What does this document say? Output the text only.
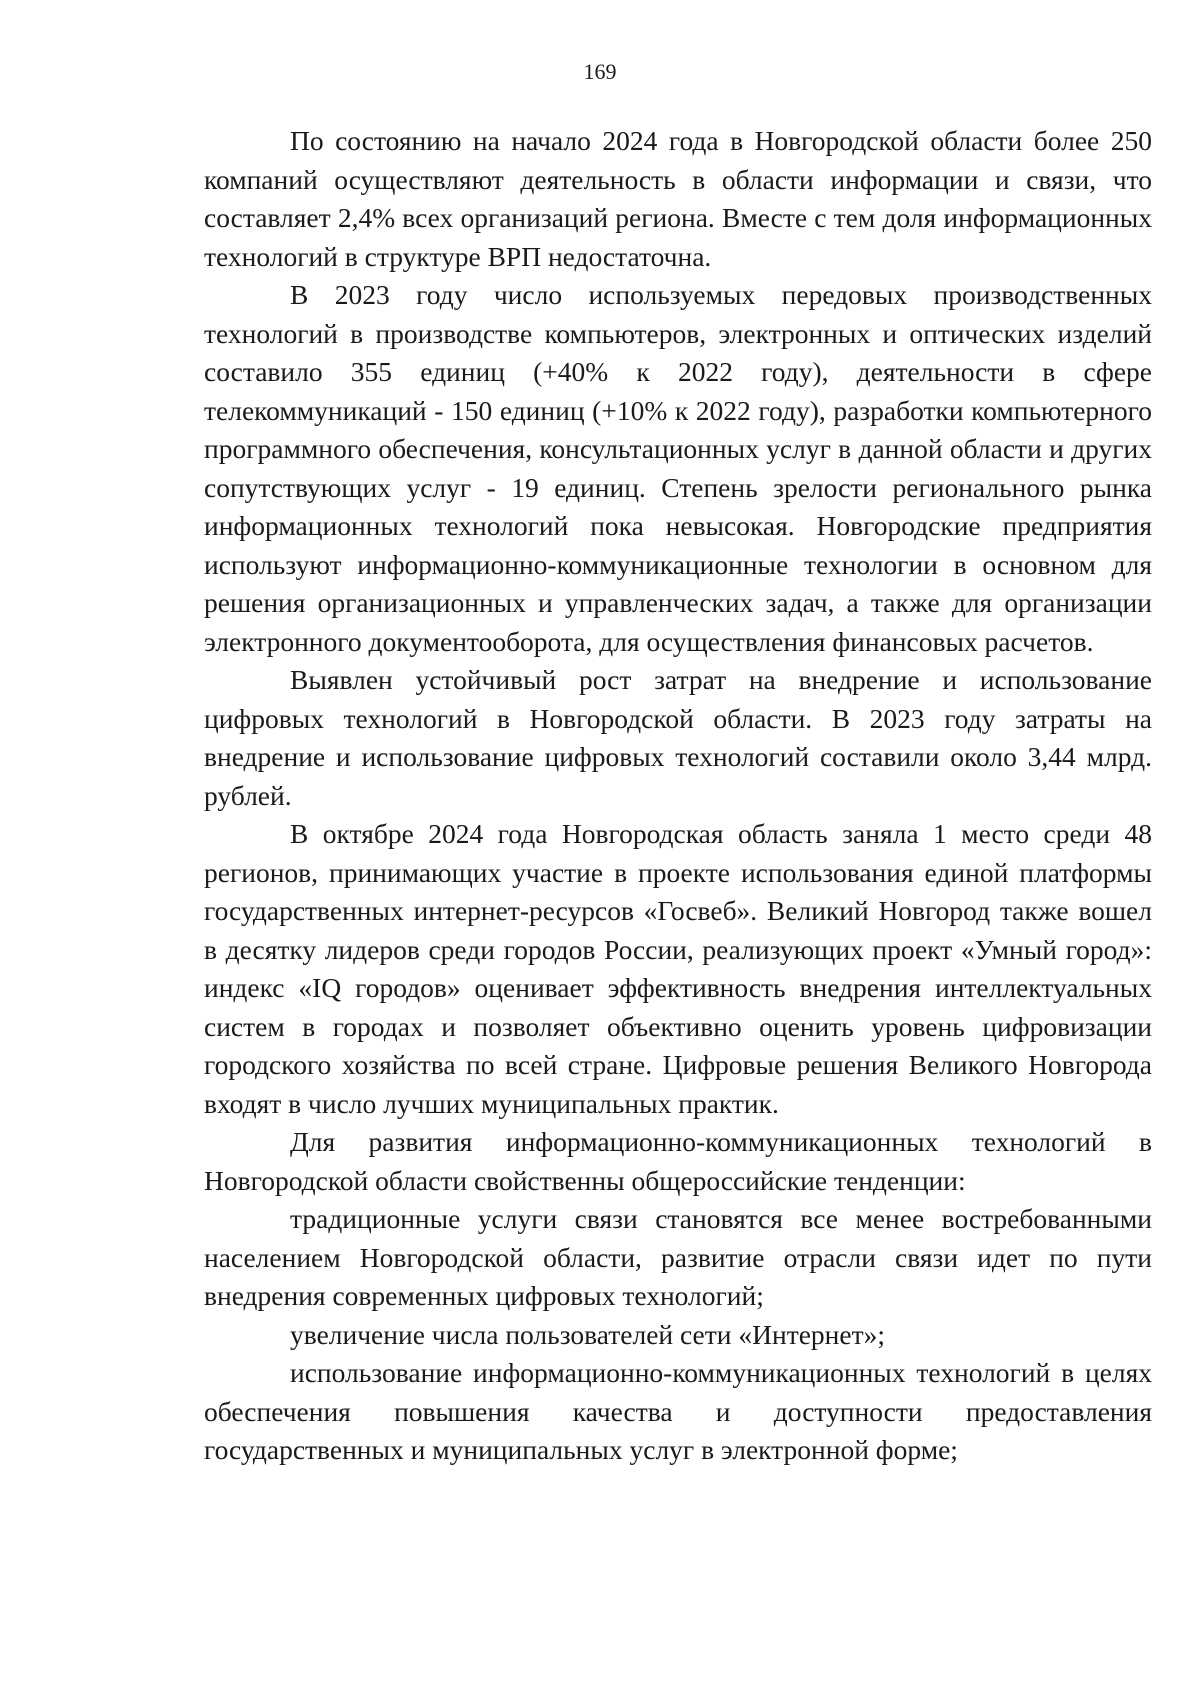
169

По состоянию на начало 2024 года в Новгородской области более 250 компаний осуществляют деятельность в области информации и связи, что составляет 2,4% всех организаций региона. Вместе с тем доля информационных технологий в структуре ВРП недостаточна.

В 2023 году число используемых передовых производственных технологий в производстве компьютеров, электронных и оптических изделий составило 355 единиц (+40% к 2022 году), деятельности в сфере телекоммуникаций - 150 единиц (+10% к 2022 году), разработки компьютерного программного обеспечения, консультационных услуг в данной области и других сопутствующих услуг - 19 единиц. Степень зрелости регионального рынка информационных технологий пока невысокая. Новгородские предприятия используют информационно-коммуникационные технологии в основном для решения организационных и управленческих задач, а также для организации электронного документооборота, для осуществления финансовых расчетов.

Выявлен устойчивый рост затрат на внедрение и использование цифровых технологий в Новгородской области. В 2023 году затраты на внедрение и использование цифровых технологий составили около 3,44 млрд. рублей.

В октябре 2024 года Новгородская область заняла 1 место среди 48 регионов, принимающих участие в проекте использования единой платформы государственных интернет-ресурсов «Госвеб». Великий Новгород также вошел в десятку лидеров среди городов России, реализующих проект «Умный город»: индекс «IQ городов» оценивает эффективность внедрения интеллектуальных систем в городах и позволяет объективно оценить уровень цифровизации городского хозяйства по всей стране. Цифровые решения Великого Новгорода входят в число лучших муниципальных практик.

Для развития информационно-коммуникационных технологий в Новгородской области свойственны общероссийские тенденции:

традиционные услуги связи становятся все менее востребованными населением Новгородской области, развитие отрасли связи идет по пути внедрения современных цифровых технологий;

увеличение числа пользователей сети «Интернет»;

использование информационно-коммуникационных технологий в целях обеспечения повышения качества и доступности предоставления государственных и муниципальных услуг в электронной форме;
